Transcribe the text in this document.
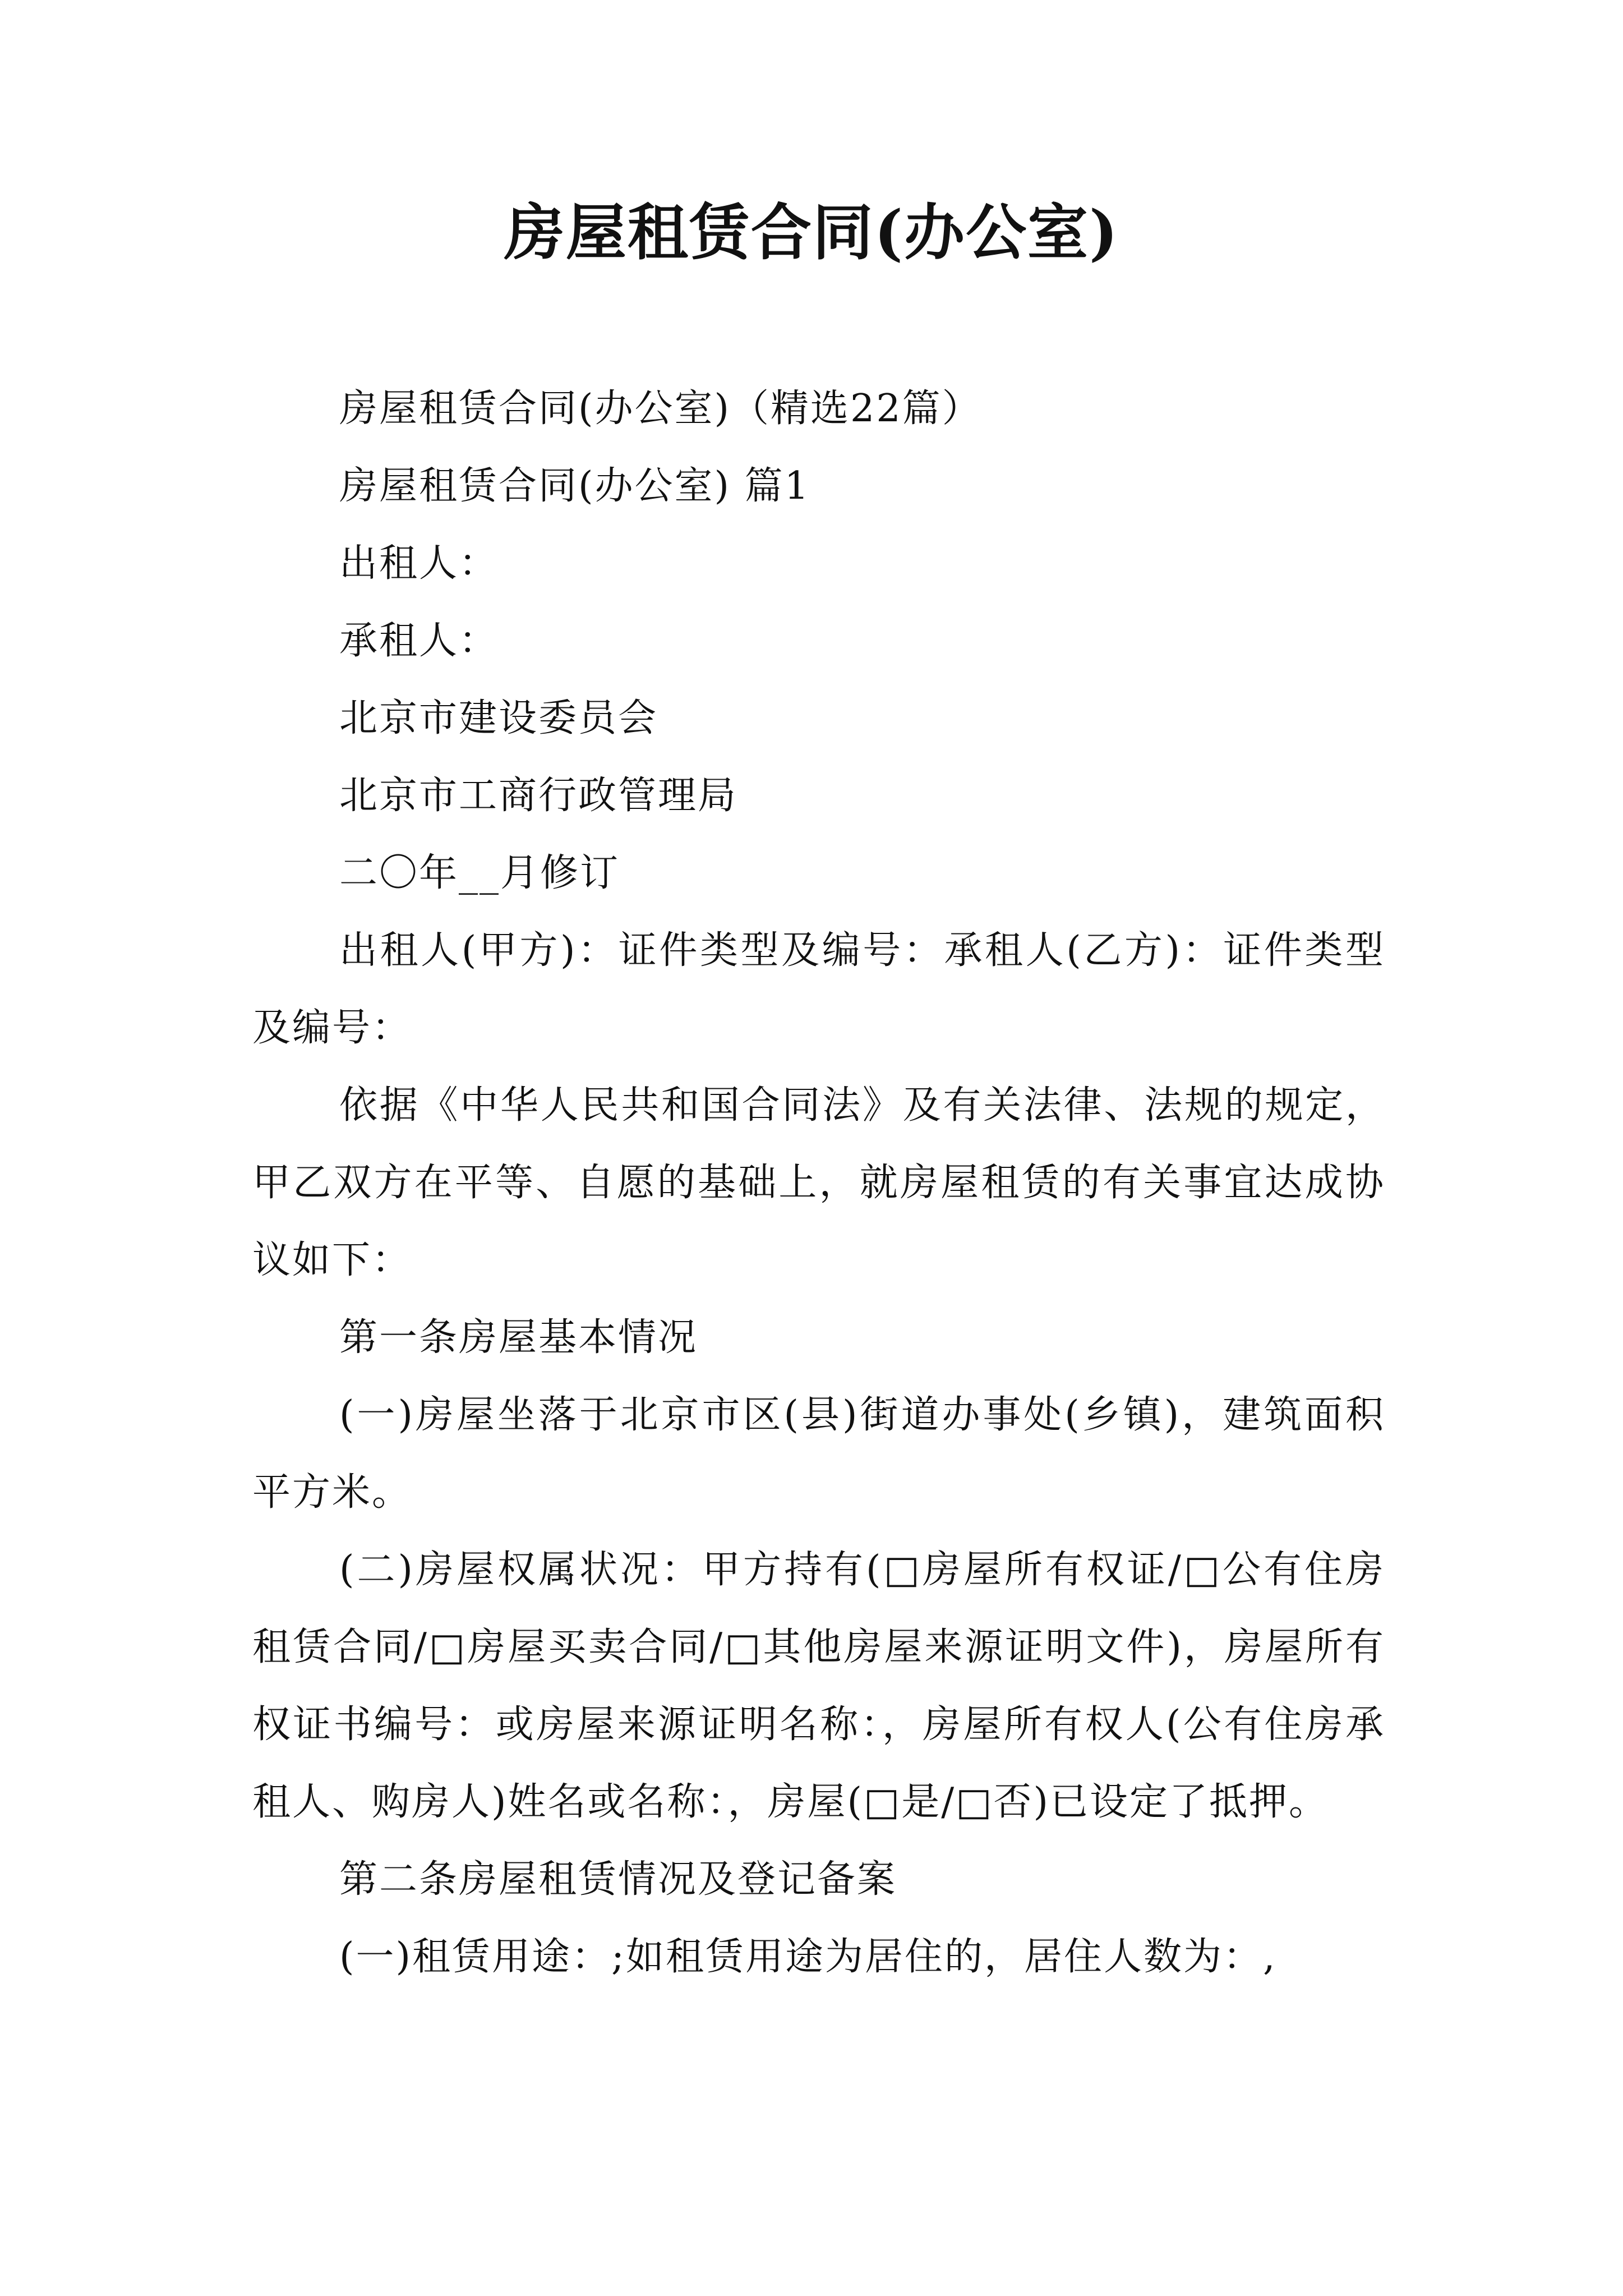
房屋租赁合同(办公室)

房屋租赁合同(办公室)（精选22篇）

房屋租赁合同(办公室) 篇1

出租人：

承租人：

北京市建设委员会

北京市工商行政管理局

二〇年__月修订

出租人(甲方)：证件类型及编号：承租人(乙方)：证件类型及编号：

依据《中华人民共和国合同法》及有关法律、法规的规定，甲乙双方在平等、自愿的基础上，就房屋租赁的有关事宜达成协议如下：

第一条房屋基本情况

(一)房屋坐落于北京市区(县)街道办事处(乡镇)，建筑面积平方米。

(二)房屋权属状况：甲方持有(□房屋所有权证/□公有住房租赁合同/□房屋买卖合同/□其他房屋来源证明文件)，房屋所有权证书编号：或房屋来源证明名称：，房屋所有权人(公有住房承租人、购房人)姓名或名称：，房屋(□是/□否)已设定了抵押。

第二条房屋租赁情况及登记备案

(一)租赁用途：;如租赁用途为居住的，居住人数为：,
